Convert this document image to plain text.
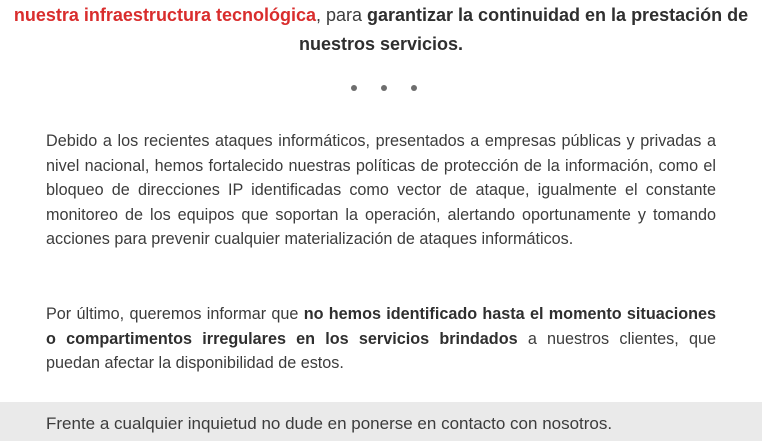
nuestra infraestructura tecnológica, para garantizar la continuidad en la prestación de nuestros servicios.

Debido a los recientes ataques informáticos, presentados a empresas públicas y privadas a nivel nacional, hemos fortalecido nuestras políticas de protección de la información, como el bloqueo de direcciones IP identificadas como vector de ataque, igualmente el constante monitoreo de los equipos que soportan la operación, alertando oportunamente y tomando acciones para prevenir cualquier materialización de ataques informáticos.

Por último, queremos informar que no hemos identificado hasta el momento situaciones o compartimentos irregulares en los servicios brindados a nuestros clientes, que puedan afectar la disponibilidad de estos.

Frente a cualquier inquietud no dude en ponerse en contacto con nosotros.
